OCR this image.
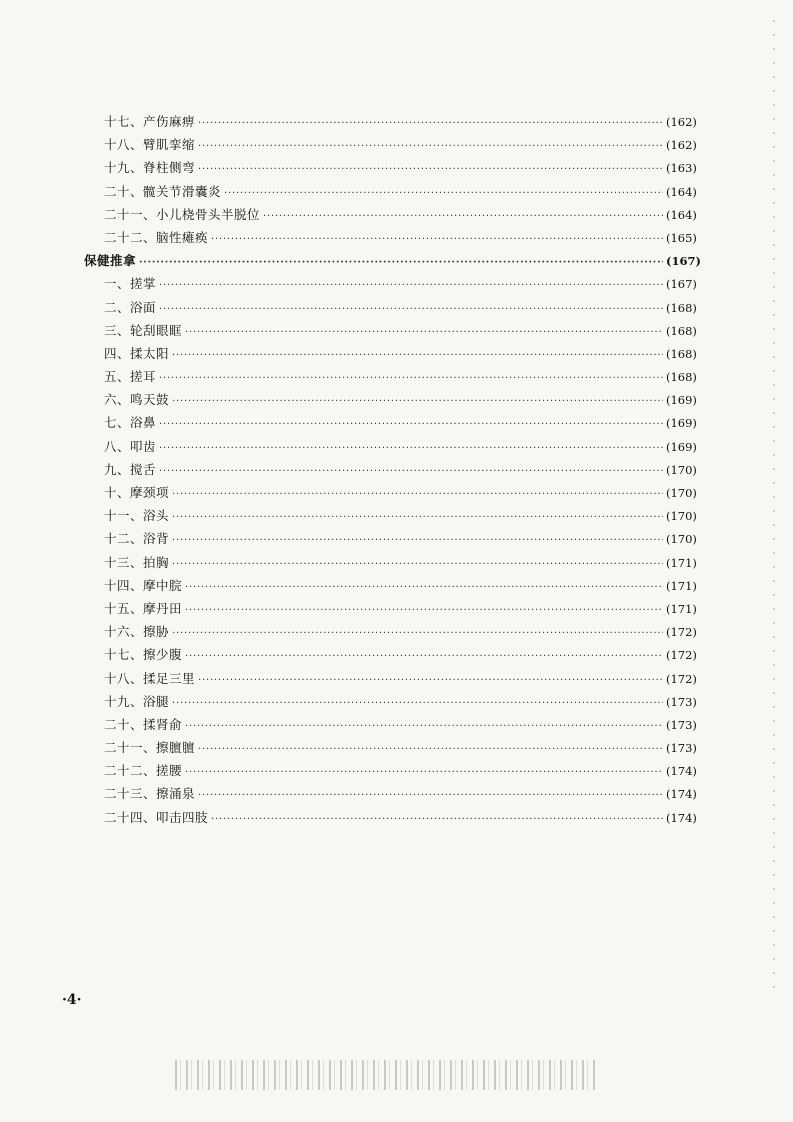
十七、产伤麻痹 ·····	(162)
十八、臂肌挛缩 ·····	(162)
十九、脊柱侧弯 ·····	(163)
二十、髋关节滑囊炎 ·····	(164)
二十一、小儿桡骨头半脱位 ·····	(164)
二十二、脑性瘫痪 ·····	(165)
保健推拿 ·····	(167)
一、搓掌 ·····	(167)
二、浴面 ·····	(168)
三、轮刮眼眶 ·····	(168)
四、揉太阳 ·····	(168)
五、搓耳 ·····	(168)
六、鸣天鼓 ·····	(169)
七、浴鼻 ·····	(169)
八、叩齿 ·····	(169)
九、搅舌 ·····	(170)
十、摩颈项 ·····	(170)
十一、浴头 ·····	(170)
十二、浴背 ·····	(170)
十三、拍胸 ·····	(171)
十四、摩中脘 ·····	(171)
十五、摩丹田 ·····	(171)
十六、擦胁 ·····	(172)
十七、擦少腹 ·····	(172)
十八、揉足三里 ·····	(172)
十九、浴腿 ·····	(173)
二十、揉肾俞 ·····	(173)
二十一、擦膻膻 ·····	(173)
二十二、搓腰 ·····	(174)
二十三、擦涌泉 ·····	(174)
二十四、叩击四肢 ·····	(174)
·4·
